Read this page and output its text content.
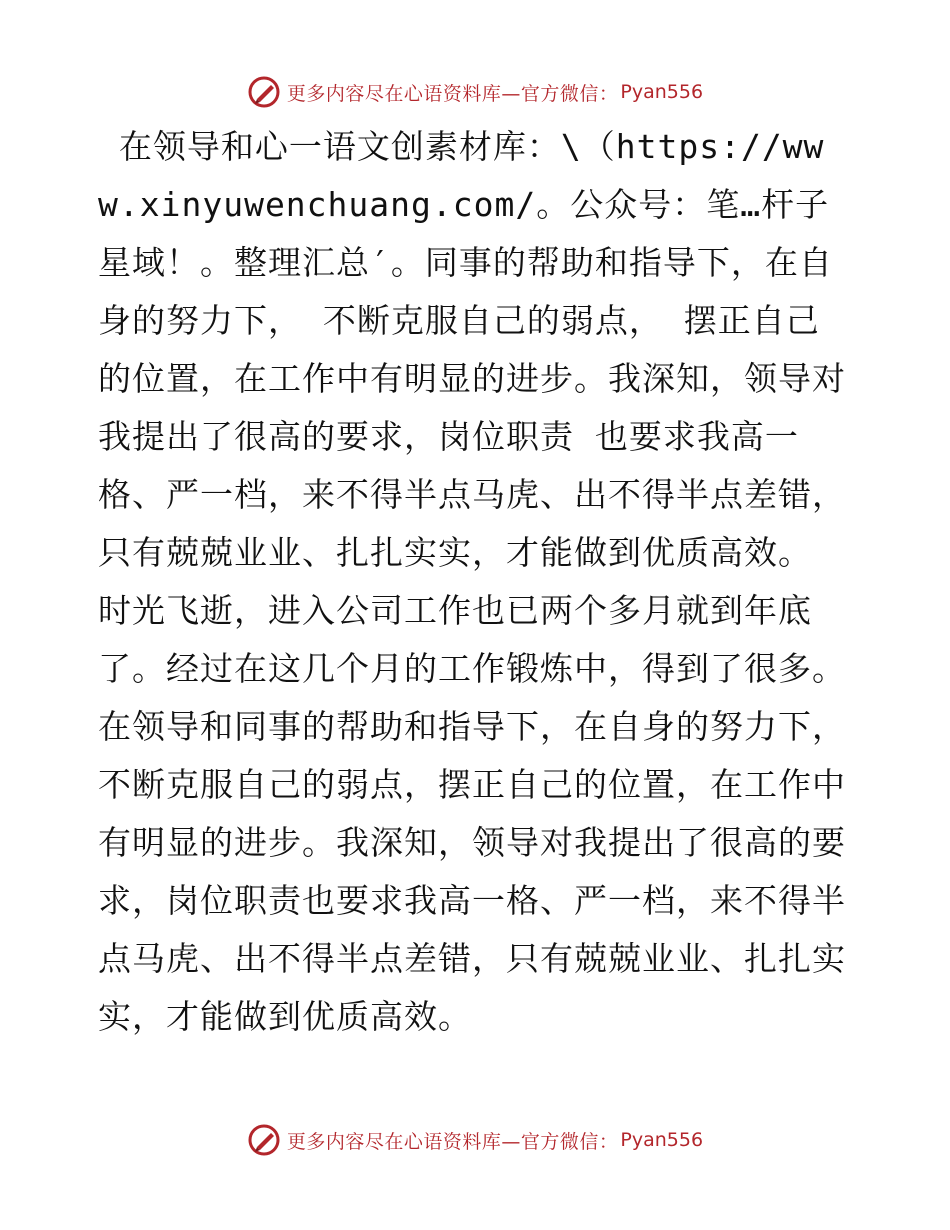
更多内容尽在心语资料库—官方微信： Pyan556

在领导和心一语文创素材库：\（https://www.xinyuwenchuang.com/。公众号：笔…杆子星域！。整理汇总′。同事的帮助和指导下，在自身的努力下， 不断克服自己的弱点， 摆正自己的位置，在工作中有明显的进步。我深知，领导对我提出了很高的要求，岗位职责 也要求我高一格、严一档，来不得半点马虎、出不得半点差错，只有兢兢业业、扎扎实实，才能做到优质高效。 时光飞逝，进入公司工作也已两个多月就到年底了。经过在这几个月的工作锻炼中，得到了很多。在领导和同事的帮助和指导下，在自身的努力下，不断克服自己的弱点，摆正自己的位置，在工作中有明显的进步。我深知，领导对我提出了很高的要求，岗位职责也要求我高一格、严一档，来不得半点马虎、出不得半点差错，只有兢兢业业、扎扎实实，才能做到优质高效。

更多内容尽在心语资料库—官方微信： Pyan556
